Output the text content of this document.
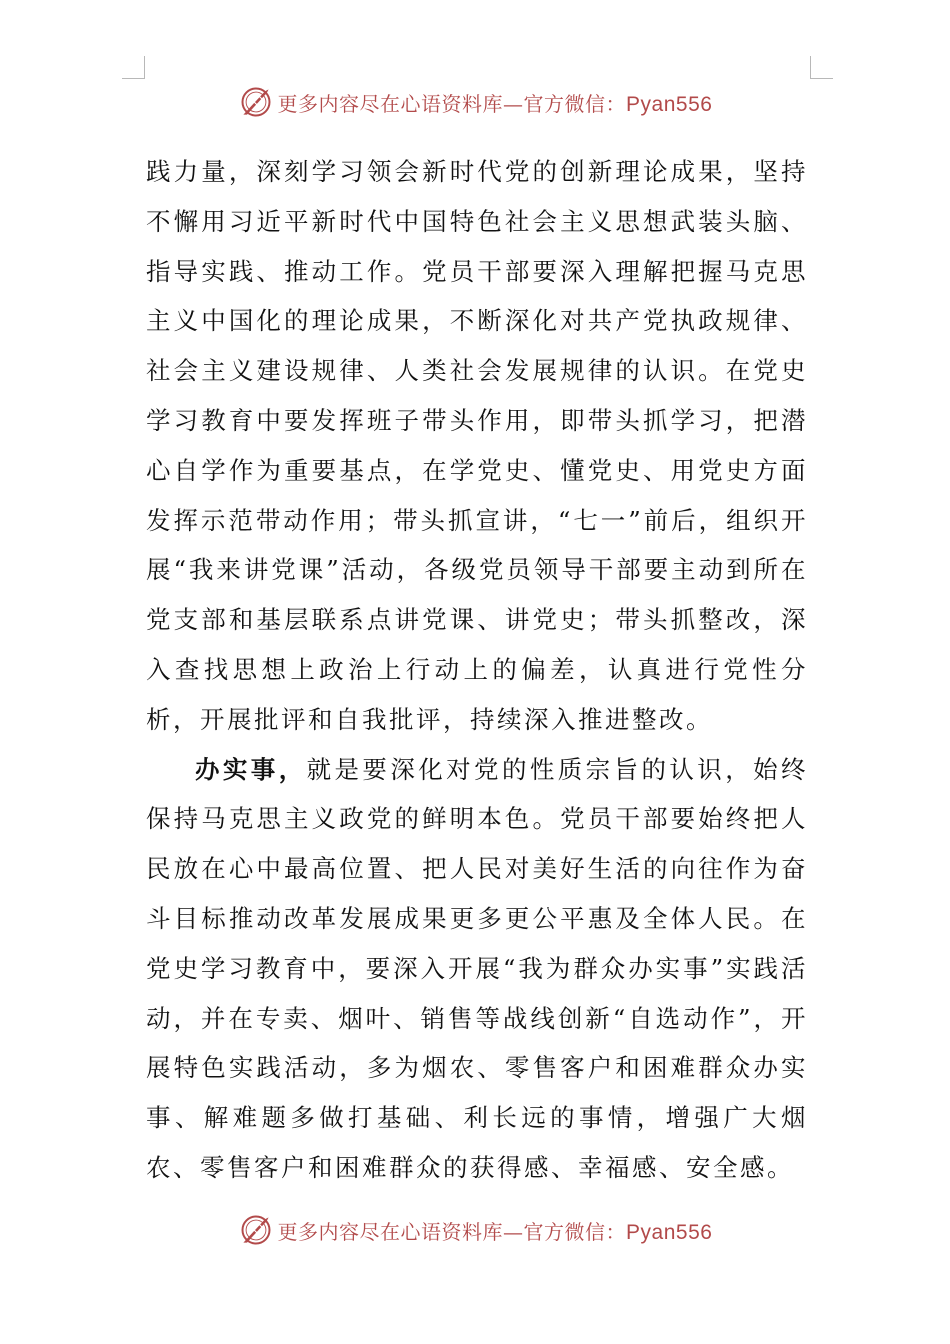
更多内容尽在心语资料库—官方微信：Pyan556

践力量，深刻学习领会新时代党的创新理论成果，坚持不懈用习近平新时代中国特色社会主义思想武装头脑、指导实践、推动工作。党员干部要深入理解把握马克思主义中国化的理论成果，不断深化对共产党执政规律、社会主义建设规律、人类社会发展规律的认识。在党史学习教育中要发挥班子带头作用，即带头抓学习，把潜心自学作为重要基点，在学党史、懂党史、用党史方面发挥示范带动作用；带头抓宣讲，“七一”前后，组织开展“我来讲党课”活动，各级党员领导干部要主动到所在党支部和基层联系点讲党课、讲党史；带头抓整改，深入查找思想上政治上行动上的偏差，认真进行党性分析，开展批评和自我批评，持续深入推进整改。

办实事，就是要深化对党的性质宗旨的认识，始终保持马克思主义政党的鲜明本色。党员干部要始终把人民放在心中最高位置、把人民对美好生活的向往作为奋斗目标推动改革发展成果更多更公平惠及全体人民。在党史学习教育中，要深入开展“我为群众办实事”实践活动，并在专卖、烟叶、销售等战线创新“自选动作”，开展特色实践活动，多为烟农、零售客户和困难群众办实事、解难题多做打基础、利长远的事情，增强广大烟农、零售客户和困难群众的获得感、幸福感、安全感。

更多内容尽在心语资料库—官方微信：Pyan556
